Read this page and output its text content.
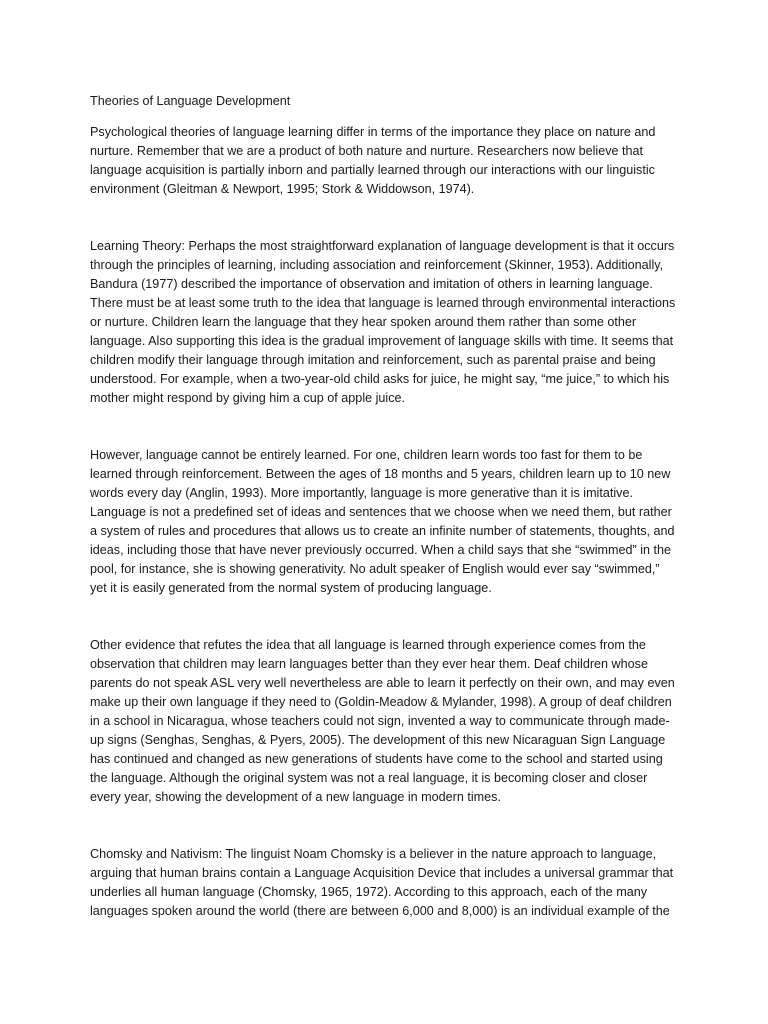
Theories of Language Development

Psychological theories of language learning differ in terms of the importance they place on nature and nurture. Remember that we are a product of both nature and nurture. Researchers now believe that language acquisition is partially inborn and partially learned through our interactions with our linguistic environment (Gleitman & Newport, 1995; Stork & Widdowson, 1974).

Learning Theory: Perhaps the most straightforward explanation of language development is that it occurs through the principles of learning, including association and reinforcement (Skinner, 1953). Additionally, Bandura (1977) described the importance of observation and imitation of others in learning language. There must be at least some truth to the idea that language is learned through environmental interactions or nurture. Children learn the language that they hear spoken around them rather than some other language. Also supporting this idea is the gradual improvement of language skills with time. It seems that children modify their language through imitation and reinforcement, such as parental praise and being understood. For example, when a two-year-old child asks for juice, he might say, “me juice,” to which his mother might respond by giving him a cup of apple juice.

However, language cannot be entirely learned. For one, children learn words too fast for them to be learned through reinforcement. Between the ages of 18 months and 5 years, children learn up to 10 new words every day (Anglin, 1993). More importantly, language is more generative than it is imitative. Language is not a predefined set of ideas and sentences that we choose when we need them, but rather a system of rules and procedures that allows us to create an infinite number of statements, thoughts, and ideas, including those that have never previously occurred. When a child says that she “swimmed” in the pool, for instance, she is showing generativity. No adult speaker of English would ever say “swimmed,” yet it is easily generated from the normal system of producing language.

Other evidence that refutes the idea that all language is learned through experience comes from the observation that children may learn languages better than they ever hear them. Deaf children whose parents do not speak ASL very well nevertheless are able to learn it perfectly on their own, and may even make up their own language if they need to (Goldin-Meadow & Mylander, 1998). A group of deaf children in a school in Nicaragua, whose teachers could not sign, invented a way to communicate through made-up signs (Senghas, Senghas, & Pyers, 2005). The development of this new Nicaraguan Sign Language has continued and changed as new generations of students have come to the school and started using the language. Although the original system was not a real language, it is becoming closer and closer every year, showing the development of a new language in modern times.

Chomsky and Nativism: The linguist Noam Chomsky is a believer in the nature approach to language, arguing that human brains contain a Language Acquisition Device that includes a universal grammar that underlies all human language (Chomsky, 1965, 1972). According to this approach, each of the many languages spoken around the world (there are between 6,000 and 8,000) is an individual example of the
